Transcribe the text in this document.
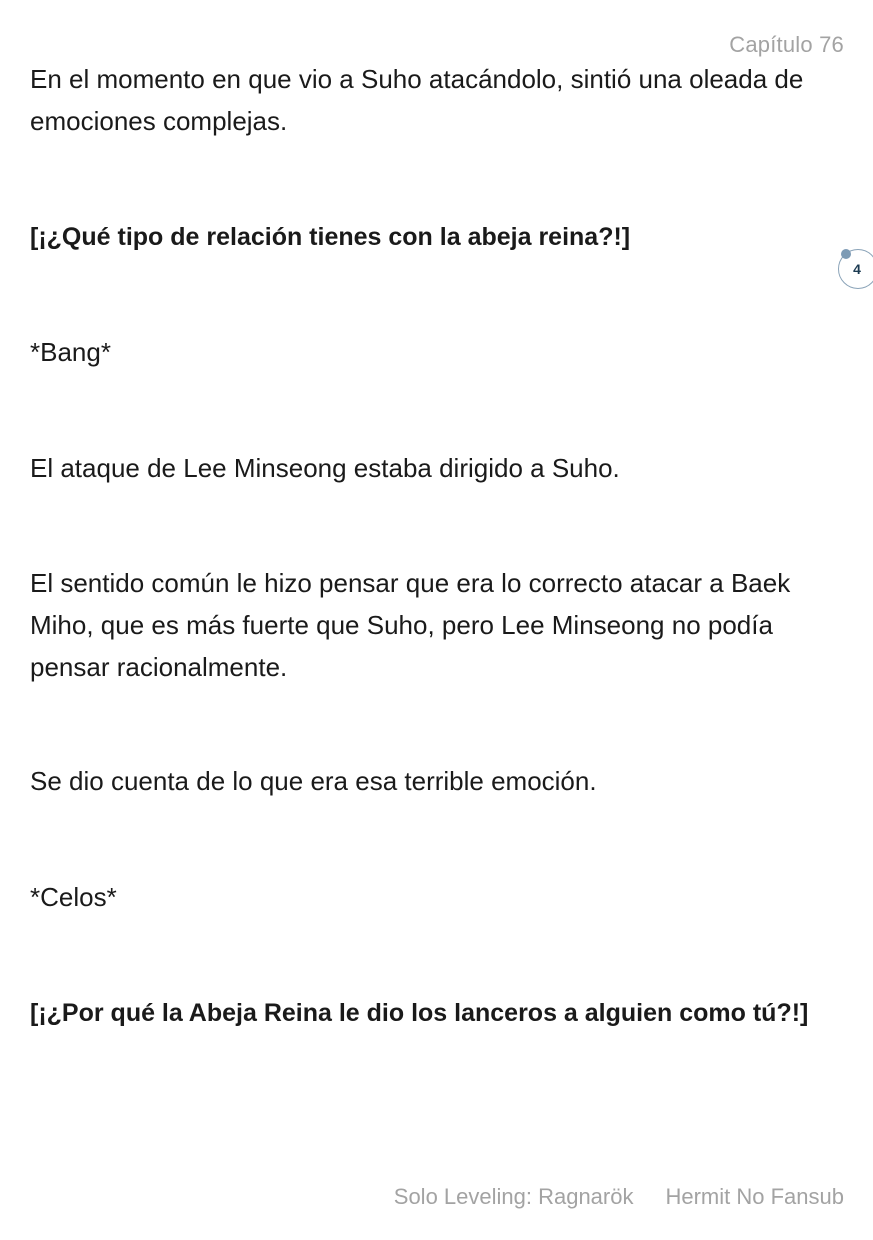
Capítulo 76

En el momento en que vio a Suho atacándolo, sintió una oleada de emociones complejas.

[¡¿Qué tipo de relación tienes con la abeja reina?!]

*Bang*

El ataque de Lee Minseong estaba dirigido a Suho.

El sentido común le hizo pensar que era lo correcto atacar a Baek Miho, que es más fuerte que Suho, pero Lee Minseong no podía pensar racionalmente.

Se dio cuenta de lo que era esa terrible emoción.

*Celos*

[¡¿Por qué la Abeja Reina le dio los lanceros a alguien como tú?!]

4
Solo Leveling: Ragnarök Hermit No Fansub
